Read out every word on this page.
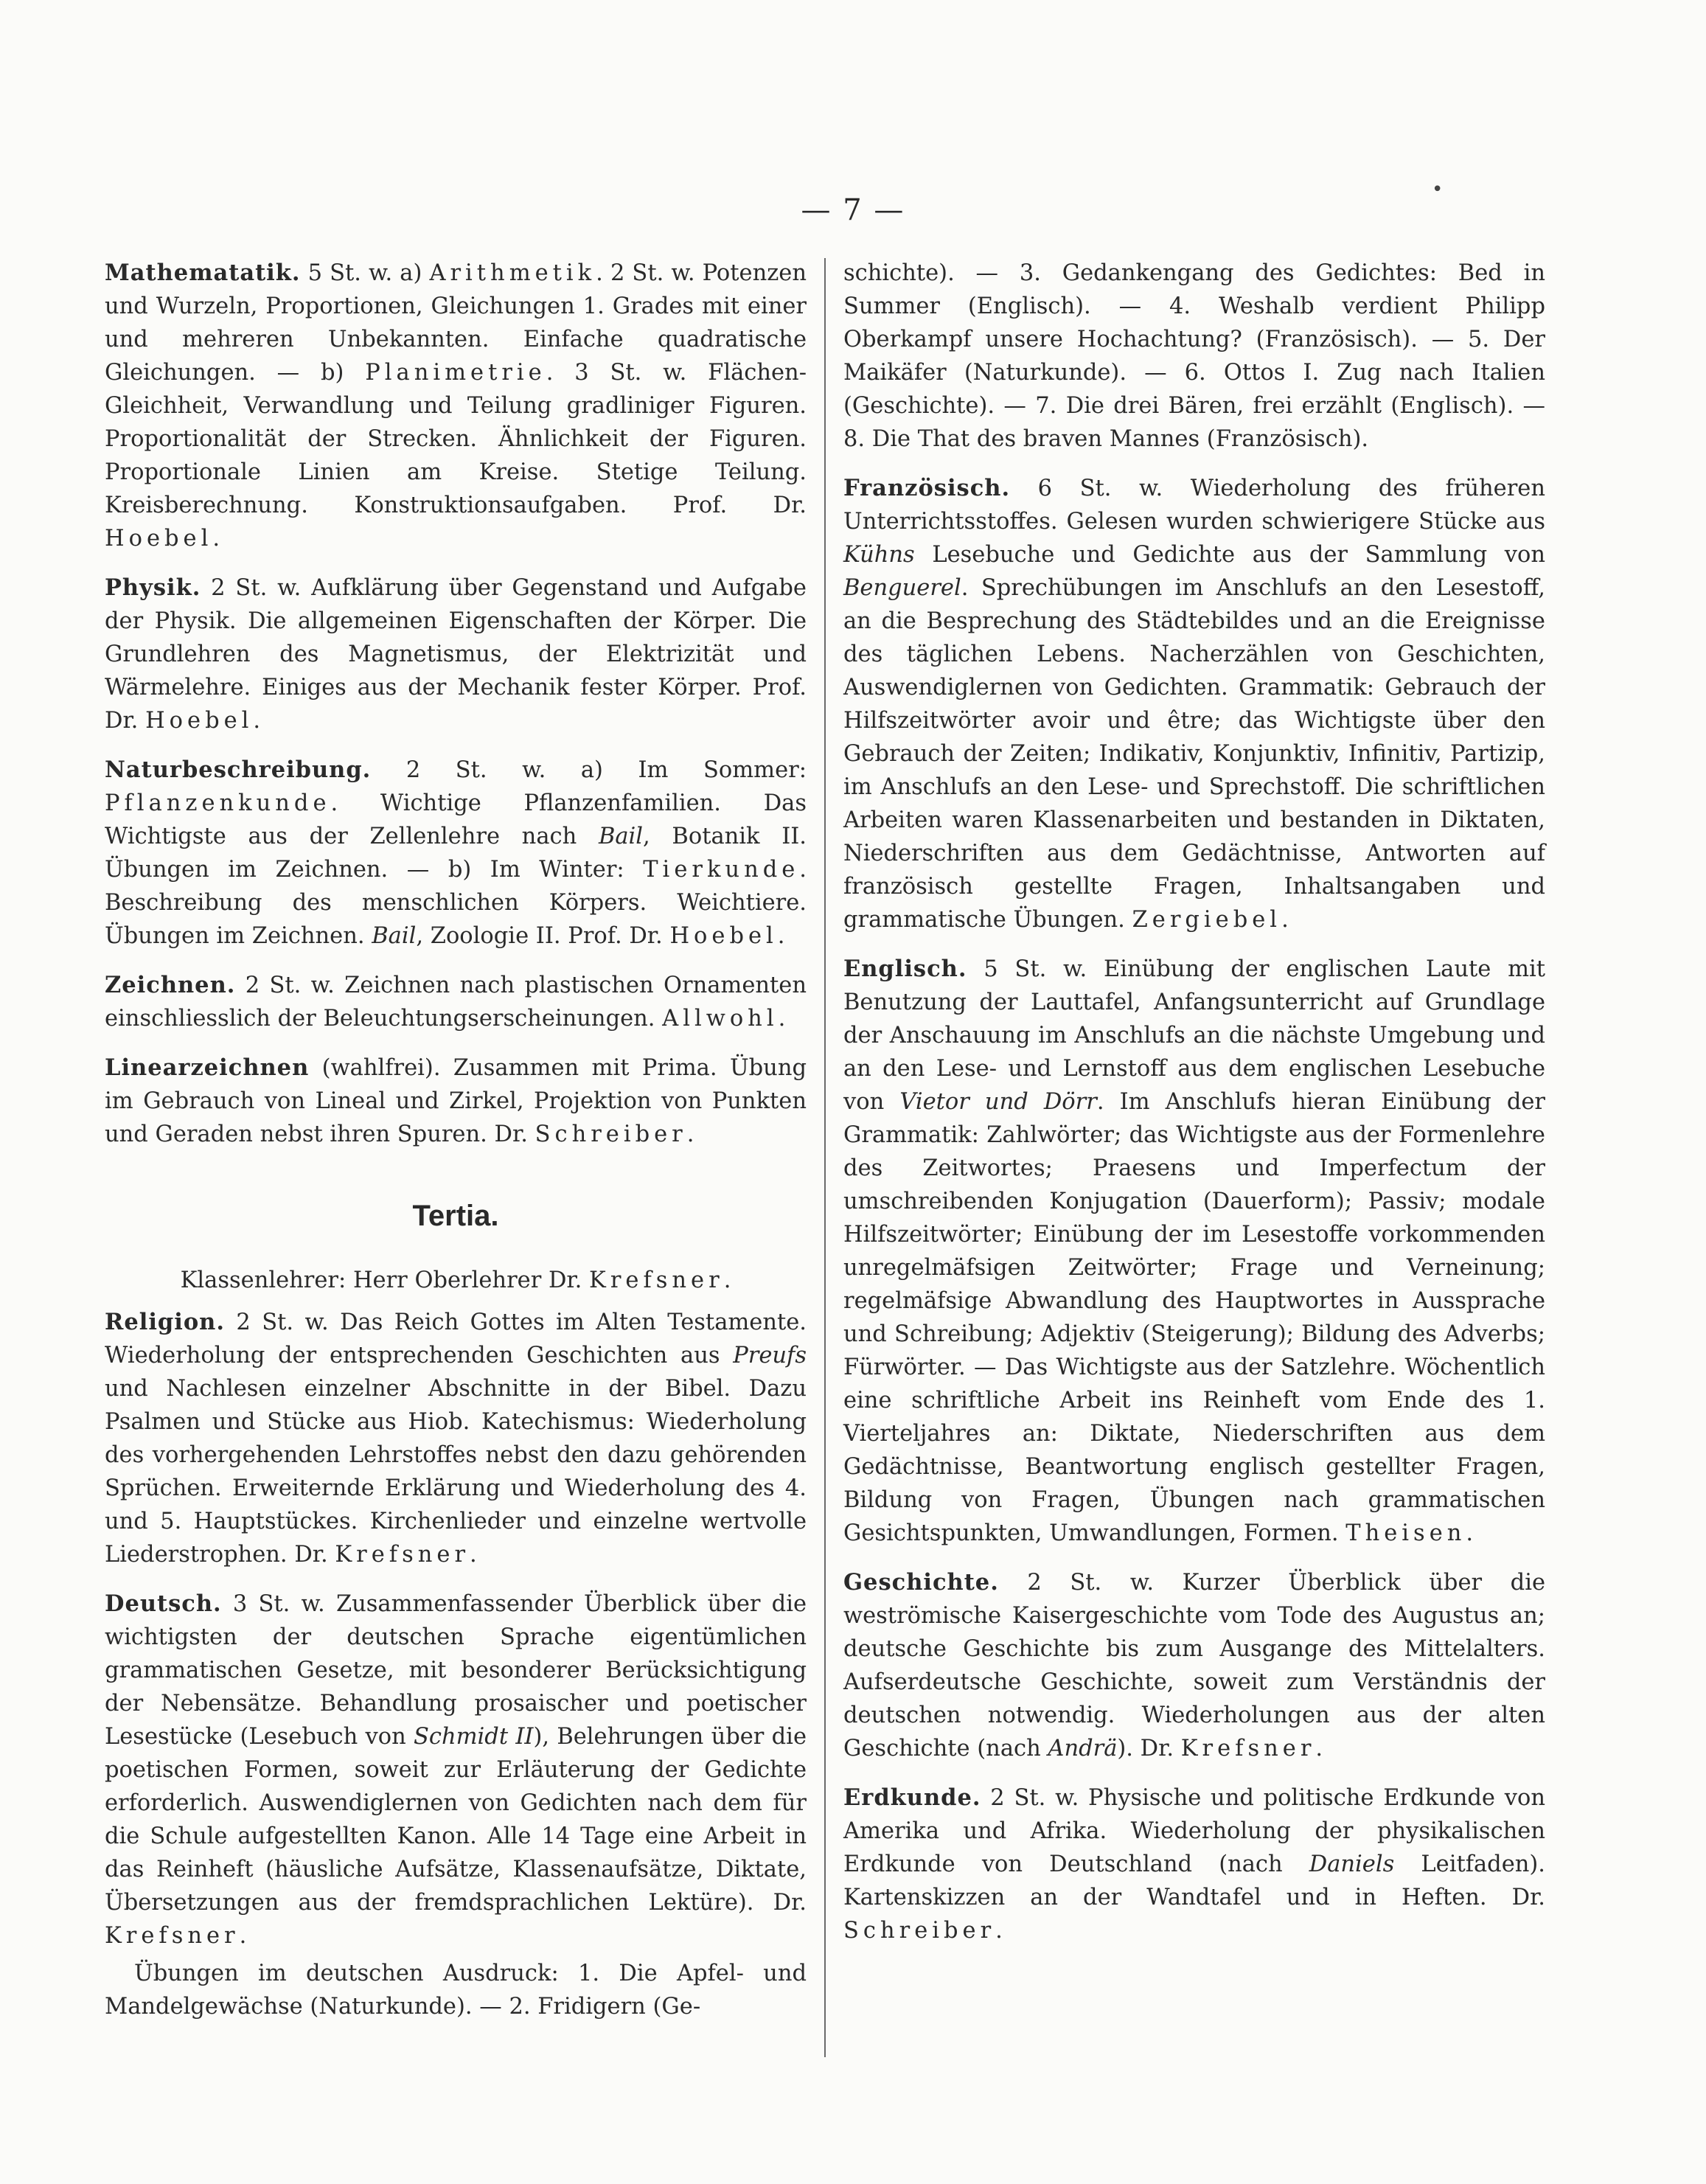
— 7 —
•

Mathematatik. 5 St. w. a) Arithmetik. 2 St. w. Potenzen und Wurzeln, Proportionen, Gleichungen 1. Grades mit einer und mehreren Unbekannten. Einfache quadratische Gleichungen. — b) Planimetrie. 3 St. w. Flächen-Gleichheit, Verwandlung und Teilung gradliniger Figuren. Proportionalität der Strecken. Ähnlichkeit der Figuren. Proportionale Linien am Kreise. Stetige Teilung. Kreisberechnung. Konstruktionsaufgaben. Prof. Dr. Hoebel.

Physik. 2 St. w. Aufklärung über Gegenstand und Aufgabe der Physik. Die allgemeinen Eigenschaften der Körper. Die Grundlehren des Magnetismus, der Elektrizität und Wärmelehre. Einiges aus der Mechanik fester Körper. Prof. Dr. Hoebel.

Naturbeschreibung. 2 St. w. a) Im Sommer: Pflanzenkunde. Wichtige Pflanzenfamilien. Das Wichtigste aus der Zellenlehre nach Bail, Botanik II. Übungen im Zeichnen. — b) Im Winter: Tierkunde. Beschreibung des menschlichen Körpers. Weichtiere. Übungen im Zeichnen. Bail, Zoologie II. Prof. Dr. Hoebel.

Zeichnen. 2 St. w. Zeichnen nach plastischen Ornamenten einschliesslich der Beleuchtungserscheinungen. Allwohl.

Linearzeichnen (wahlfrei). Zusammen mit Prima. Übung im Gebrauch von Lineal und Zirkel, Projektion von Punkten und Geraden nebst ihren Spuren. Dr. Schreiber.

Tertia.

Klassenlehrer: Herr Oberlehrer Dr. Krefsner.

Religion. 2 St. w. Das Reich Gottes im Alten Testamente. Wiederholung der entsprechenden Geschichten aus Preufs und Nachlesen einzelner Abschnitte in der Bibel. Dazu Psalmen und Stücke aus Hiob. Katechismus: Wiederholung des vorhergehenden Lehrstoffes nebst den dazu gehörenden Sprüchen. Erweiternde Erklärung und Wiederholung des 4. und 5. Hauptstückes. Kirchenlieder und einzelne wertvolle Liederstrophen. Dr. Krefsner.

Deutsch. 3 St. w. Zusammenfassender Überblick über die wichtigsten der deutschen Sprache eigentümlichen grammatischen Gesetze, mit besonderer Berücksichtigung der Nebensätze. Behandlung prosaischer und poetischer Lesestücke (Lesebuch von Schmidt II), Belehrungen über die poetischen Formen, soweit zur Erläuterung der Gedichte erforderlich. Auswendiglernen von Gedichten nach dem für die Schule aufgestellten Kanon. Alle 14 Tage eine Arbeit in das Reinheft (häusliche Aufsätze, Klassenaufsätze, Diktate, Übersetzungen aus der fremdsprachlichen Lektüre). Dr. Krefsner.

Übungen im deutschen Ausdruck: 1. Die Apfel- und Mandelgewächse (Naturkunde). — 2. Fridigern (Ge-

schichte). — 3. Gedankengang des Gedichtes: Bed in Summer (Englisch). — 4. Weshalb verdient Philipp Oberkampf unsere Hochachtung? (Französisch). — 5. Der Maikäfer (Naturkunde). — 6. Ottos I. Zug nach Italien (Geschichte). — 7. Die drei Bären, frei erzählt (Englisch). — 8. Die That des braven Mannes (Französisch).

Französisch. 6 St. w. Wiederholung des früheren Unterrichtsstoffes. Gelesen wurden schwierigere Stücke aus Kühns Lesebuche und Gedichte aus der Sammlung von Benguerel. Sprechübungen im Anschlufs an den Lesestoff, an die Besprechung des Städtebildes und an die Ereignisse des täglichen Lebens. Nacherzählen von Geschichten, Auswendiglernen von Gedichten. Grammatik: Gebrauch der Hilfszeitwörter avoir und être; das Wichtigste über den Gebrauch der Zeiten; Indikativ, Konjunktiv, Infinitiv, Partizip, im Anschlufs an den Lese- und Sprechstoff. Die schriftlichen Arbeiten waren Klassenarbeiten und bestanden in Diktaten, Niederschriften aus dem Gedächtnisse, Antworten auf französisch gestellte Fragen, Inhaltsangaben und grammatische Übungen. Zergiebel.

Englisch. 5 St. w. Einübung der englischen Laute mit Benutzung der Lauttafel, Anfangsunterricht auf Grundlage der Anschauung im Anschlufs an die nächste Umgebung und an den Lese- und Lernstoff aus dem englischen Lesebuche von Vietor und Dörr. Im Anschlufs hieran Einübung der Grammatik: Zahlwörter; das Wichtigste aus der Formenlehre des Zeitwortes; Praesens und Imperfectum der umschreibenden Konjugation (Dauerform); Passiv; modale Hilfszeitwörter; Einübung der im Lesestoffe vorkommenden unregelmäfsigen Zeitwörter; Frage und Verneinung; regelmäfsige Abwandlung des Hauptwortes in Aussprache und Schreibung; Adjektiv (Steigerung); Bildung des Adverbs; Fürwörter. — Das Wichtigste aus der Satzlehre. Wöchentlich eine schriftliche Arbeit ins Reinheft vom Ende des 1. Vierteljahres an: Diktate, Niederschriften aus dem Gedächtnisse, Beantwortung englisch gestellter Fragen, Bildung von Fragen, Übungen nach grammatischen Gesichtspunkten, Umwandlungen, Formen. Theisen.

Geschichte. 2 St. w. Kurzer Überblick über die weströmische Kaisergeschichte vom Tode des Augustus an; deutsche Geschichte bis zum Ausgange des Mittelalters. Aufserdeutsche Geschichte, soweit zum Verständnis der deutschen notwendig. Wiederholungen aus der alten Geschichte (nach Andrä). Dr. Krefsner.

Erdkunde. 2 St. w. Physische und politische Erdkunde von Amerika und Afrika. Wiederholung der physikalischen Erdkunde von Deutschland (nach Daniels Leitfaden). Kartenskizzen an der Wandtafel und in Heften. Dr. Schreiber.
